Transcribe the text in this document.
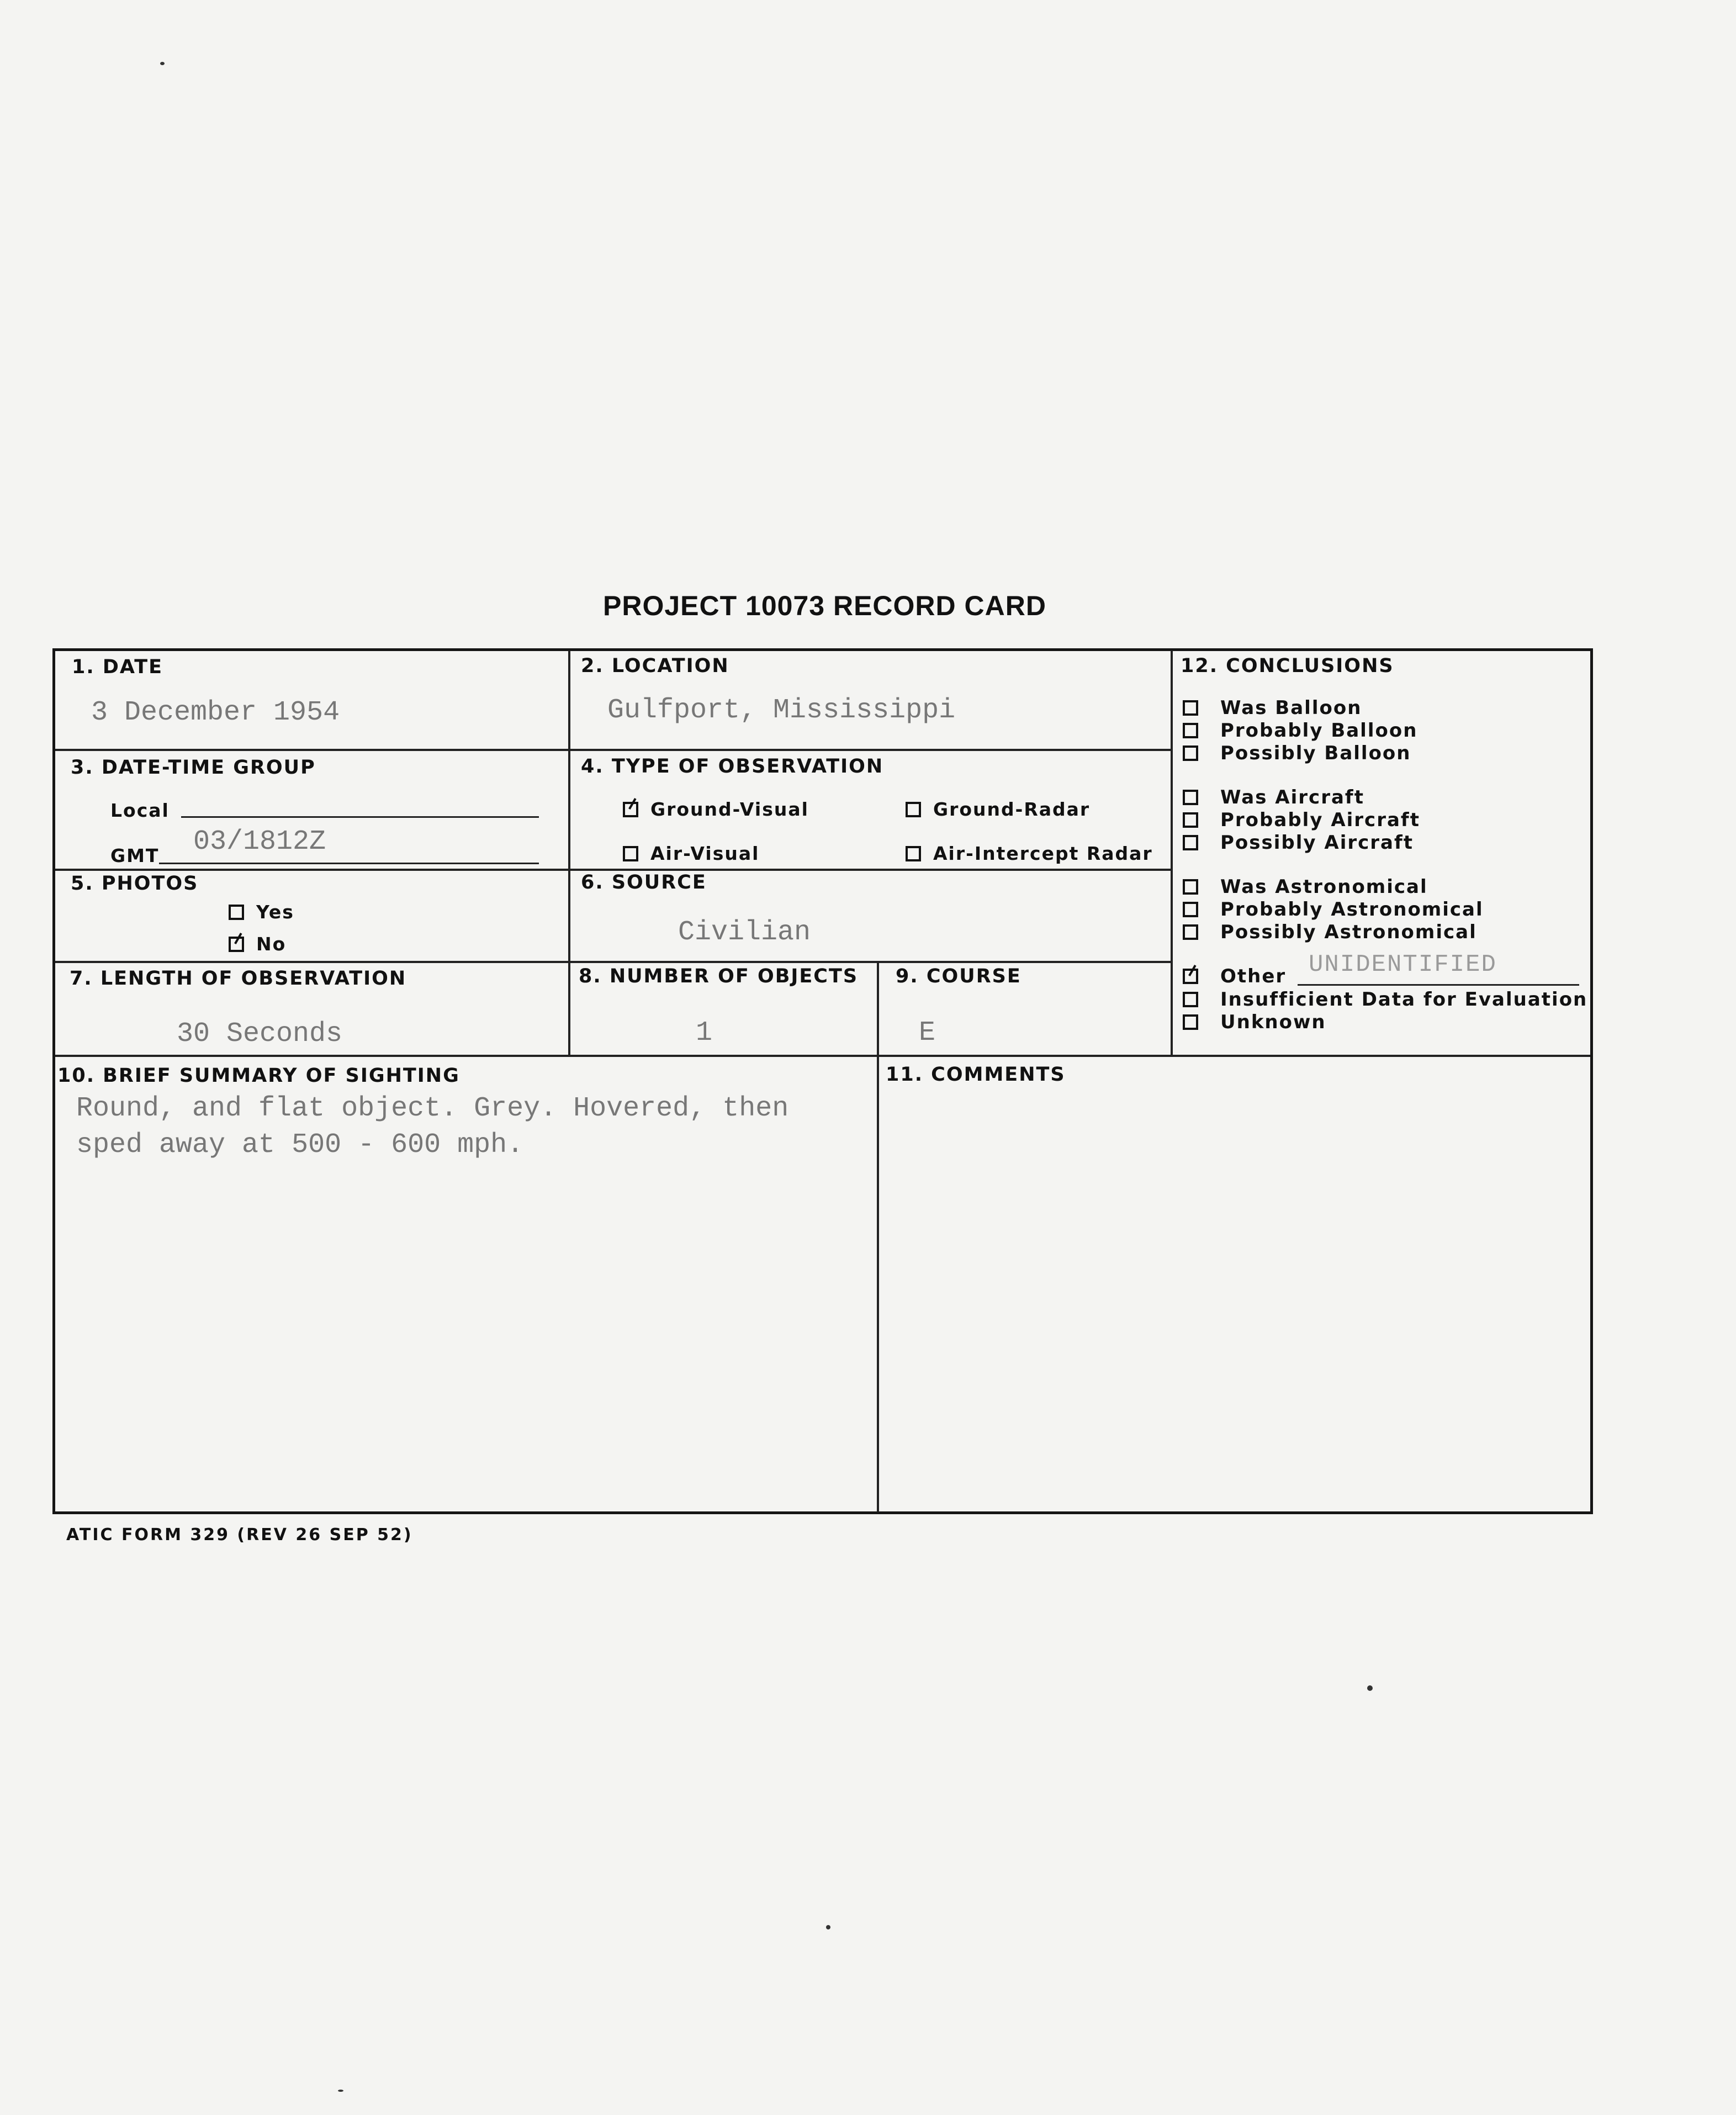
PROJECT 10073 RECORD CARD
1. DATE
3 December 1954
2. LOCATION
Gulfport, Mississippi
3. DATE-TIME GROUP
Local
GMT 03/1812Z
4. TYPE OF OBSERVATION
Ground-Visual	Ground-Radar
Air-Visual	Air-Intercept Radar
5. PHOTOS
Yes
No
6. SOURCE
Civilian
7. LENGTH OF OBSERVATION
30 Seconds
8. NUMBER OF OBJECTS
1
9. COURSE
E
12. CONCLUSIONS
Was Balloon
Probably Balloon
Possibly Balloon
Was Aircraft
Probably Aircraft
Possibly Aircraft
Was Astronomical
Probably Astronomical
Possibly Astronomical
Other UNIDENTIFIED
Insufficient Data for Evaluation
Unknown
10. BRIEF SUMMARY OF SIGHTING
Round, and flat object. Grey. Hovered, then
sped away at 500 - 600 mph.
11. COMMENTS
ATIC FORM 329 (REV 26 SEP 52)
